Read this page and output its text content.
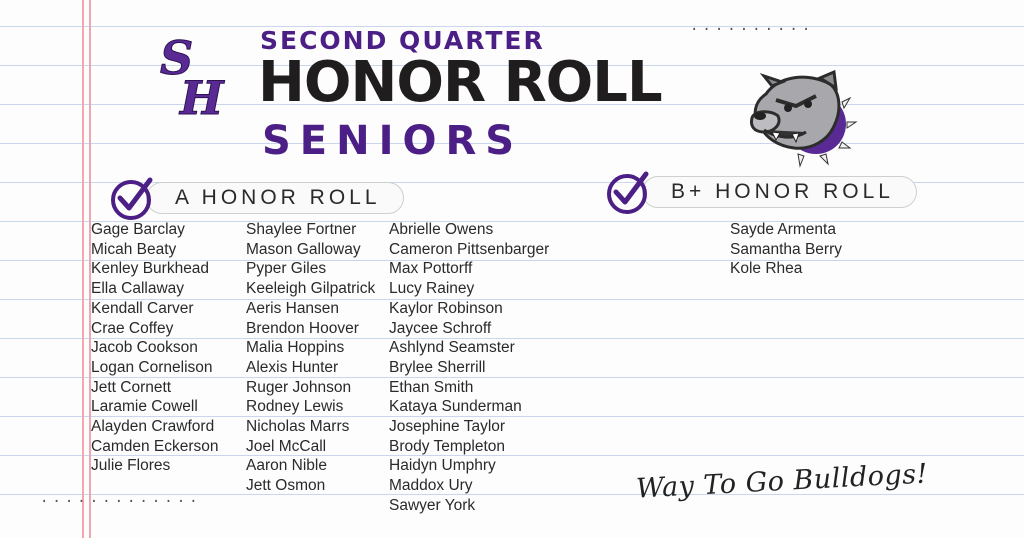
··········
·············
S
H
SECOND QUARTER
HONOR ROLL
SENIORS
A HONOR ROLL	B+ HONOR ROLL
Gage Barclay
Micah Beaty
Kenley Burkhead
Ella Callaway
Kendall Carver
Crae Coffey
Jacob Cookson
Logan Cornelison
Jett Cornett
Laramie Cowell
Alayden Crawford
Camden Eckerson
Julie Flores
Shaylee Fortner
Mason Galloway
Pyper Giles
Keeleigh Gilpatrick
Aeris Hansen
Brendon Hoover
Malia Hoppins
Alexis Hunter
Ruger Johnson
Rodney Lewis
Nicholas Marrs
Joel McCall
Aaron Nible
Jett Osmon
Abrielle Owens
Cameron Pittsenbarger
Max Pottorff
Lucy Rainey
Kaylor Robinson
Jaycee Schroff
Ashlynd Seamster
Brylee Sherrill
Ethan Smith
Kataya Sunderman
Josephine Taylor
Brody Templeton
Haidyn Umphry
Maddox Ury
Sawyer York
Sayde Armenta
Samantha Berry
Kole Rhea
Way To Go Bulldogs!
